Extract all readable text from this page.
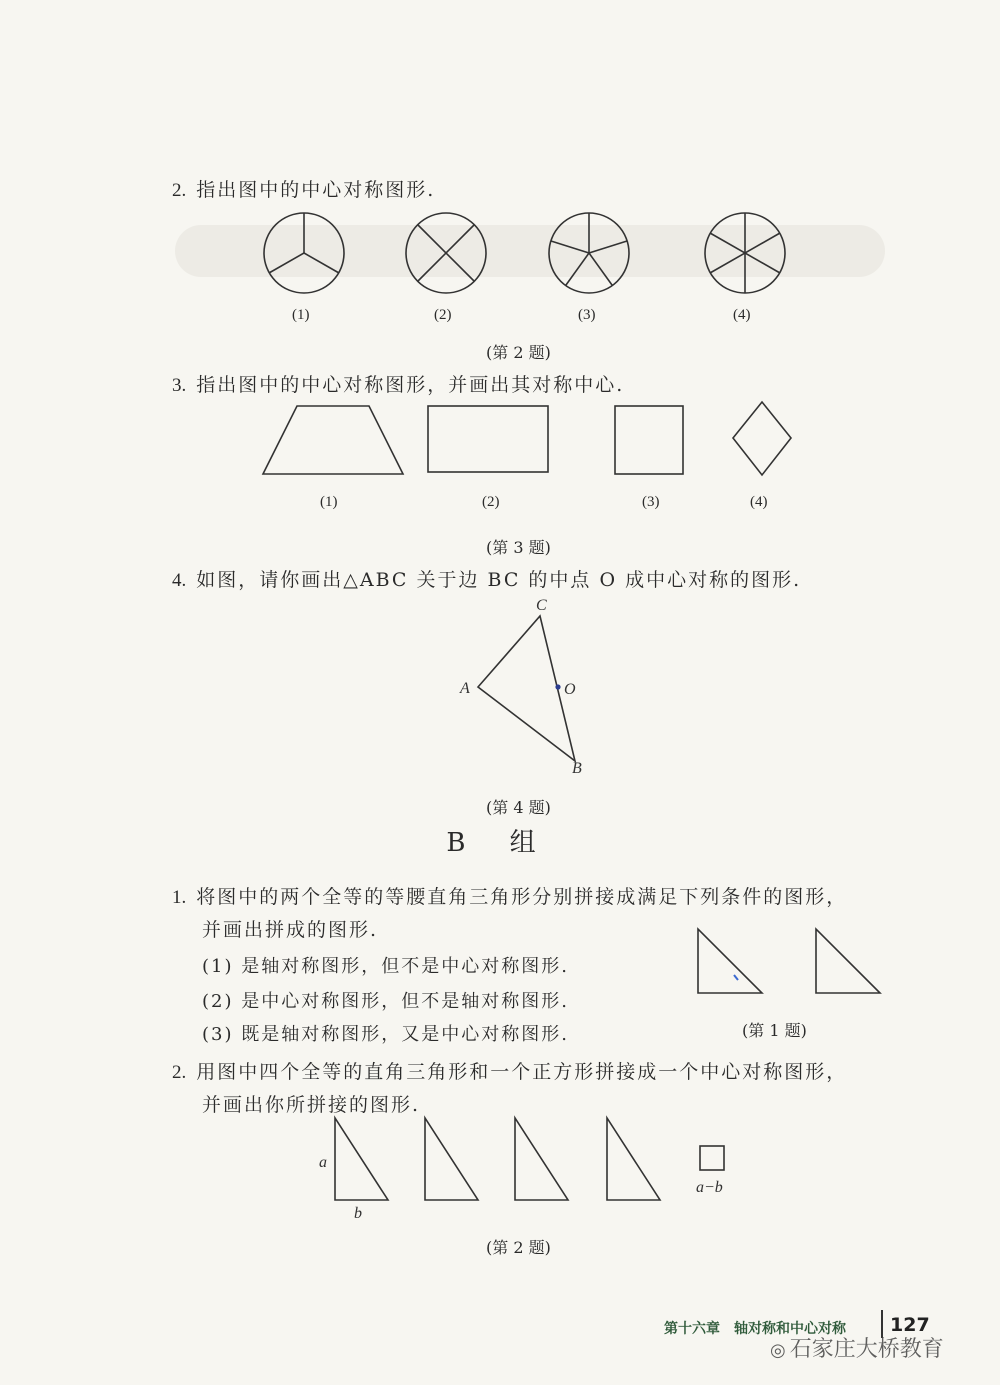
2. 指出图中的中心对称图形.
(1)	(2)	(3)	(4)
(第 2 题)
3. 指出图中的中心对称图形，并画出其对称中心.
(1)	(2)	(3)	(4)
(第 3 题)
4. 如图，请你画出△ABC 关于边 BC 的中点 O 成中心对称的图形.
C
A	O
B
(第 4 题)
B 组
1. 将图中的两个全等的等腰直角三角形分别拼接成满足下列条件的图形，
并画出拼成的图形.
(1) 是轴对称图形，但不是中心对称图形.
(2) 是中心对称图形，但不是轴对称图形.
(3) 既是轴对称图形，又是中心对称图形.	(第 1 题)
2. 用图中四个全等的直角三角形和一个正方形拼接成一个中心对称图形，
a
b
a−b
(第 2 题)
第十六章　轴对称和中心对称 127
◎ 石家庄大桥教育
并画出你所拼接的图形.
